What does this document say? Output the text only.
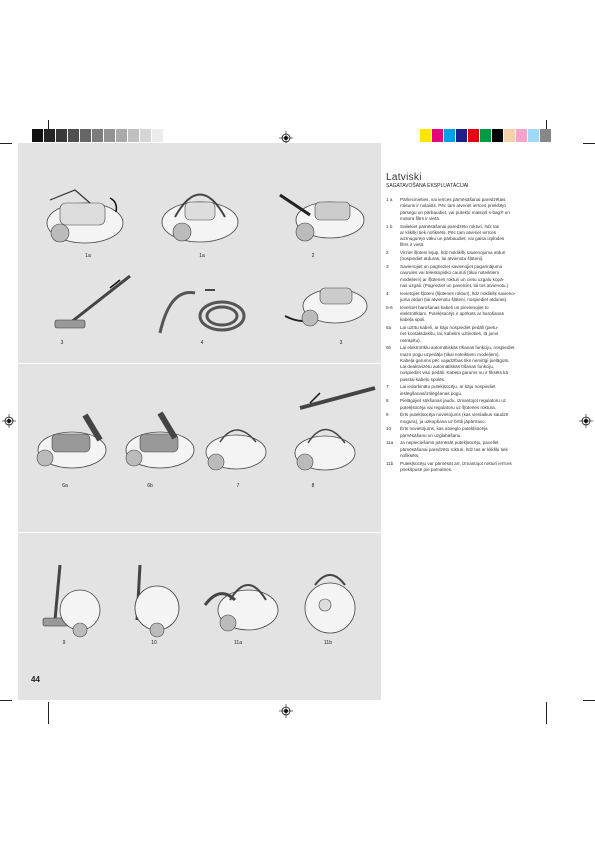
1a	1a	2
3	4	3
6a	6b	7	8
9	10	11a	11b
44
Latviski
SAGATAVOŠANA EKSPLUATĀCIJAI
1 a	Pārliecinieties, vai ierīces pārnēsāšanai paredzētais
rokturis ir nolaists. Pēc tam atveriet ierīces priekšējo
pārsegu un pārbaudiet, vai putekļu maisiņš s-bag® un
motora filtrs ir vietā.
1 b	Saliekiet pārnēsāšanai paredzēto rokturi, līdz tas
ar klikšķi tiek nofiksēts. Pēc tam atveriet ierīces
aizmugurējo vāku un pārbaudiet, vai gaisa izplūdes
filtrs ir vietā.
2	Virziet šļūteni lejup, līdz noklikšķ savienojuma atduri
(nospiediet atduras, lai atvienotu šļūteni).
3	Savienojiet un pagrieziet savienojiet pagarinājuma
caurules vai teleskopisko cauruli (tikai noteiktiem
modeļiem) ar šļūtenes rokturi un cietu uzgalu kopā-
nas uzgali. (Pagrieziet un pavelciet, lai tos atvienotu.)
4	Ievietojiet šļūteni (šļūtenes rokturi), līdz noklikšķ savieno-
juma atduri (lai atvienotu šļūteni, nospiediet atduras).
5-6	Ievelciet barošanas kabeli un pievienojiet to
elektrotīklam. Putekļsūcējs ir aprīkots ar barošanas
kabeļa spoli.
6a	Lai uztītu kabeli, ar kāju nospiediet pedāli (pietu-
riet kontaktdakšu, lai, kabelim uztinoties, tā jums
netrāpītu).
6b	Lai elektrotīklu automātiskās tīšanas funkciju, nospiediet
mazo pogu uzpedāļa (tikai noteiktiem modeļiem).
Kabeļa garums pēc vajadzības tiks nemitīgi pielāgots.
Lai deaktivizētu automātiskās tīšanas funkciju,
nospiediet visu pedāli. Kabeļa garums nu ir fiksēts kā
passtai kabeļu spolēs.
7	Lai iedarbinātu putekļsūcēju, ar kāju nospiediet
ieslēgšanas/izslēgšanas pogu.
8	Pielāgojiet sūkšanas jaudu, izmantojot regulatoru uz
putekļsūcēja vai regulatoru uz šļūtenes roktura.
9	Ērts putekļsūcēja novietojums (kas vienlaikus saudzē
mugura), ja uzkopšana uz brīdi jāpārtrauc.
10	Ērts novietojums, kas atvieglo putekļsūcēja
pārnēsāšanu un uzglabāšanu.
11a	Ja nepieciešams pārnēsāt putekļsūcēju, pacellet
pārnēsāšanai paredzēto rokturi, līdz tas ar klikšķi tiek
nofiksēts.
11b	Putekļsūcēju var pārnēsāt arī, izmantojot rokturi ierīces
priekšpusē pie pamatnes.
